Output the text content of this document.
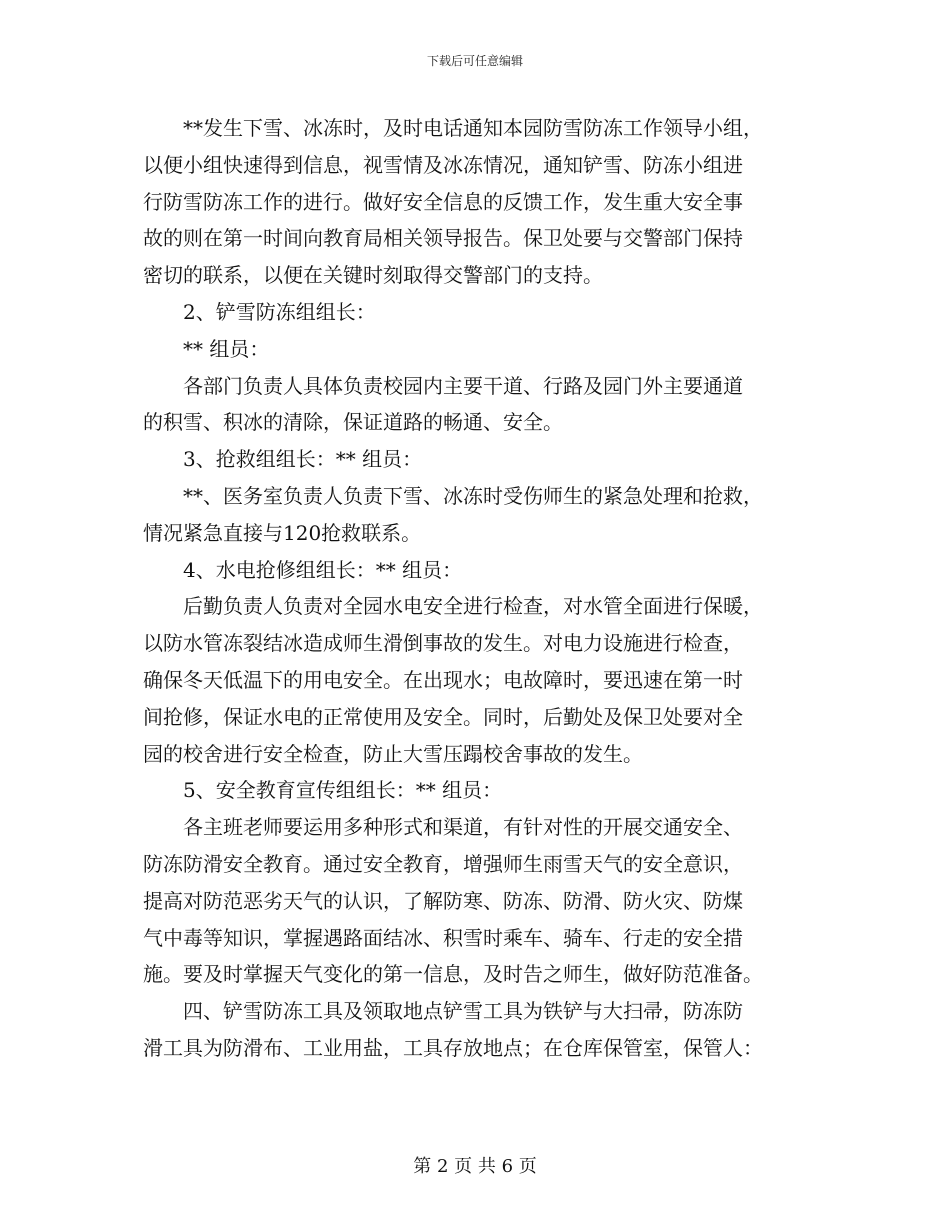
下载后可任意编辑

**发生下雪、冰冻时，及时电话通知本园防雪防冻工作领导小组，

以便小组快速得到信息，视雪情及冰冻情况，通知铲雪、防冻小组进

行防雪防冻工作的进行。做好安全信息的反馈工作，发生重大安全事

故的则在第一时间向教育局相关领导报告。保卫处要与交警部门保持

密切的联系，以便在关键时刻取得交警部门的支持。

2、铲雪防冻组组长：

** 组员：

各部门负责人具体负责校园内主要干道、行路及园门外主要通道

的积雪、积冰的清除，保证道路的畅通、安全。

3、抢救组组长：** 组员：

**、医务室负责人负责下雪、冰冻时受伤师生的紧急处理和抢救，

情况紧急直接与120抢救联系。

4、水电抢修组组长：** 组员：

后勤负责人负责对全园水电安全进行检查，对水管全面进行保暖，

以防水管冻裂结冰造成师生滑倒事故的发生。对电力设施进行检查，

确保冬天低温下的用电安全。在出现水；电故障时，要迅速在第一时

间抢修，保证水电的正常使用及安全。同时，后勤处及保卫处要对全

园的校舍进行安全检查，防止大雪压蹋校舍事故的发生。

5、安全教育宣传组组长：** 组员：

各主班老师要运用多种形式和渠道，有针对性的开展交通安全、

防冻防滑安全教育。通过安全教育，增强师生雨雪天气的安全意识，

提高对防范恶劣天气的认识，了解防寒、防冻、防滑、防火灾、防煤

气中毒等知识，掌握遇路面结冰、积雪时乘车、骑车、行走的安全措

施。要及时掌握天气变化的第一信息，及时告之师生，做好防范准备。

四、铲雪防冻工具及领取地点铲雪工具为铁铲与大扫帚，防冻防

滑工具为防滑布、工业用盐，工具存放地点；在仓库保管室，保管人：

第 2 页 共 6 页
